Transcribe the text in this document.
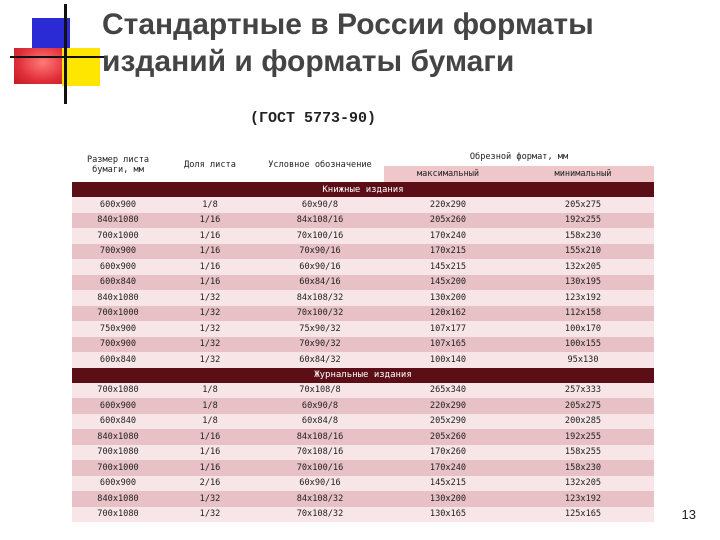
Стандартные в России форматы
изданий и форматы бумаги
(ГОСТ 5773-90)
Размер листа бумаги, мм	Доля листа	Условное обозначение	Обрезной формат, мм	
			максимальный	минимальный
Книжные издания				
600x900	1/8	60x90/8	220x290	205x275
840x1080	1/16	84x108/16	205x260	192x255
700x1000	1/16	70x100/16	170x240	158x230
700x900	1/16	70x90/16	170x215	155x210
600x900	1/16	60x90/16	145x215	132x205
600x840	1/16	60x84/16	145x200	130x195
840x1080	1/32	84x108/32	130x200	123x192
700x1000	1/32	70x100/32	120x162	112x158
750x900	1/32	75x90/32	107x177	100x170
700x900	1/32	70x90/32	107x165	100x155
600x840	1/32	60x84/32	100x140	95x130
Журнальные издания				
700x1080	1/8	70x108/8	265x340	257x333
600x900	1/8	60x90/8	220x290	205x275
600x840	1/8	60x84/8	205x290	200x285
840x1080	1/16	84x108/16	205x260	192x255
700x1080	1/16	70x108/16	170x260	158x255
700x1000	1/16	70x100/16	170x240	158x230
600x900	2/16	60x90/16	145x215	132x205
840x1080	1/32	84x108/32	130x200	123x192
700x1080	1/32	70x108/32	130x165	125x165	13
